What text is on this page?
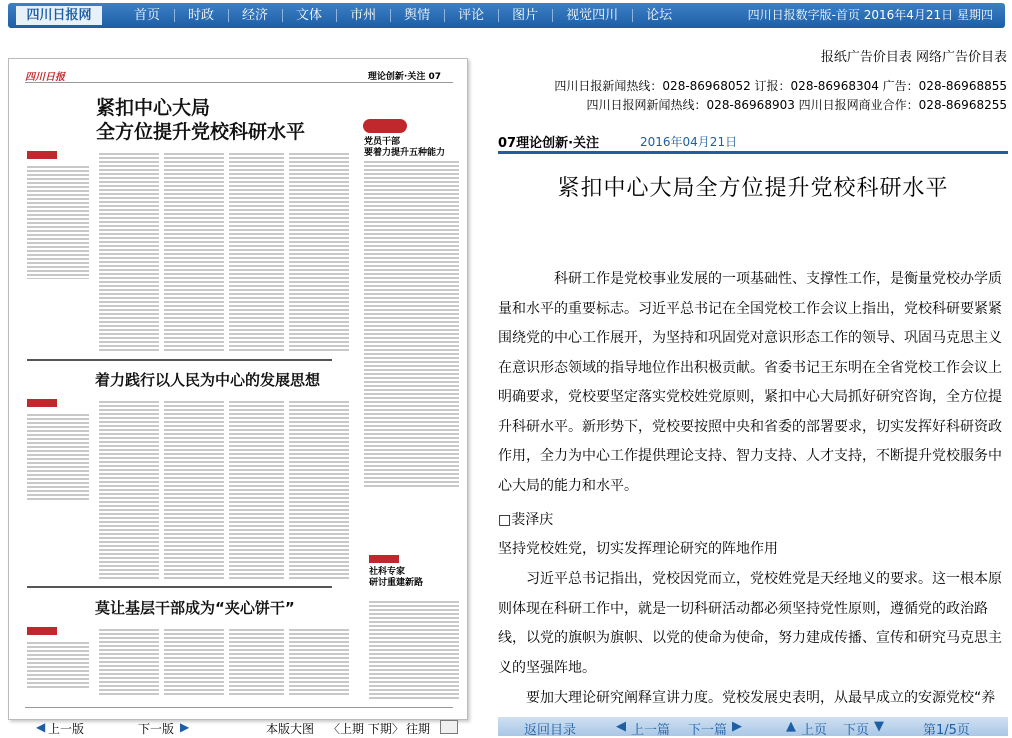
四川日报网	首页	时政	经济	文体	市州	舆情	评论	图片	视觉四川	论坛	四川日报数字版-首页 2016年4月21日 星期四
报纸广告价目表 网络广告价目表
四川日报新闻热线：028-86968052 订报：028-86968304 广告：028-86968855
四川日报网新闻热线：028-86968903 四川日报网商业合作：028-86968255
四川日报	理论创新·关注 07
紧扣中心大局
全方位提升党校科研水平	党员干部
要着力提升五种能力
着力践行以人民为中心的发展思想
社科专家
研讨重建新路
莫让基层干部成为“夹心饼干”
◀ 上一版	下一版 ▶	本版大图 〈上期 下期〉 往期
07理论创新·关注	2016年04月21日
紧扣中心大局全方位提升党校科研水平
科研工作是党校事业发展的一项基础性、支撑性工作，是衡量党校办学质量和水平的重要标志。习近平总书记在全国党校工作会议上指出，党校科研要紧紧围绕党的中心工作展开，为坚持和巩固党对意识形态工作的领导、巩固马克思主义在意识形态领域的指导地位作出积极贡献。省委书记王东明在全省党校工作会议上明确要求，党校要坚定落实党校姓党原则，紧扣中心大局抓好研究咨询，全方位提升科研水平。新形势下，党校要按照中央和省委的部署要求，切实发挥好科研资政作用，全力为中心工作提供理论支持、智力支持、人才支持，不断提升党校服务中心大局的能力和水平。
□裴泽庆
坚持党校姓党，切实发挥理论研究的阵地作用
习近平总书记指出，党校因党而立，党校姓党是天经地义的要求。这一根本原则体现在科研工作中，就是一切科研活动都必须坚持党性原则，遵循党的政治路线，以党的旗帜为旗帜、以党的使命为使命，努力建成传播、宣传和研究马克思主义的坚强阵地。
要加大理论研究阐释宣讲力度。党校发展史表明，从最早成立的安源党校“养
返回目录	◀ 上一篇 下一篇 ▶	▲ 上页 下页 ▼	第1/5页
